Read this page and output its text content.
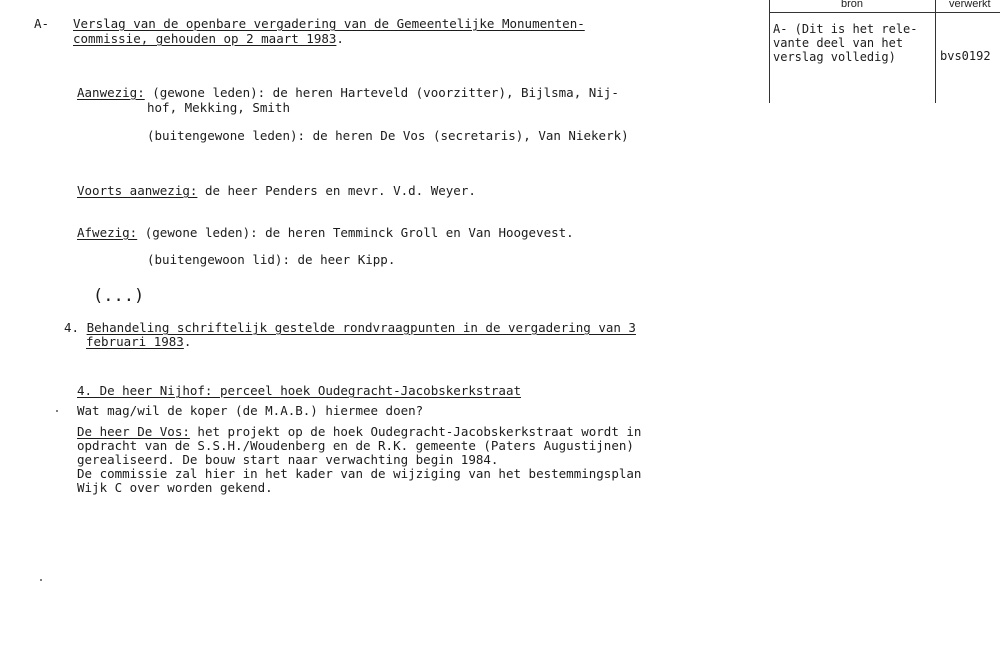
bron	verwerkt
A- (Dit is het rele-
vante deel van het
verslag volledig)	bvs0192
A- Verslag van de openbare vergadering van de Gemeentelijke Monumenten-
commissie, gehouden op 2 maart 1983.
Aanwezig: (gewone leden): de heren Harteveld (voorzitter), Bijlsma, Nij-
hof, Mekking, Smith
(buitengewone leden): de heren De Vos (secretaris), Van Niekerk)
Voorts aanwezig: de heer Penders en mevr. V.d. Weyer.
Afwezig: (gewone leden): de heren Temminck Groll en Van Hoogevest.
(buitengewoon lid): de heer Kipp.
(...)
4. Behandeling schriftelijk gestelde rondvraagpunten in de vergadering van 3
februari 1983.
4. De heer Nijhof: perceel hoek Oudegracht-Jacobskerkstraat
Wat mag/wil de koper (de M.A.B.) hiermee doen?
De heer De Vos: het projekt op de hoek Oudegracht-Jacobskerkstraat wordt in
opdracht van de S.S.H./Woudenberg en de R.K. gemeente (Paters Augustijnen)
gerealiseerd. De bouw start naar verwachting begin 1984.
De commissie zal hier in het kader van de wijziging van het bestemmingsplan
Wijk C over worden gekend.
